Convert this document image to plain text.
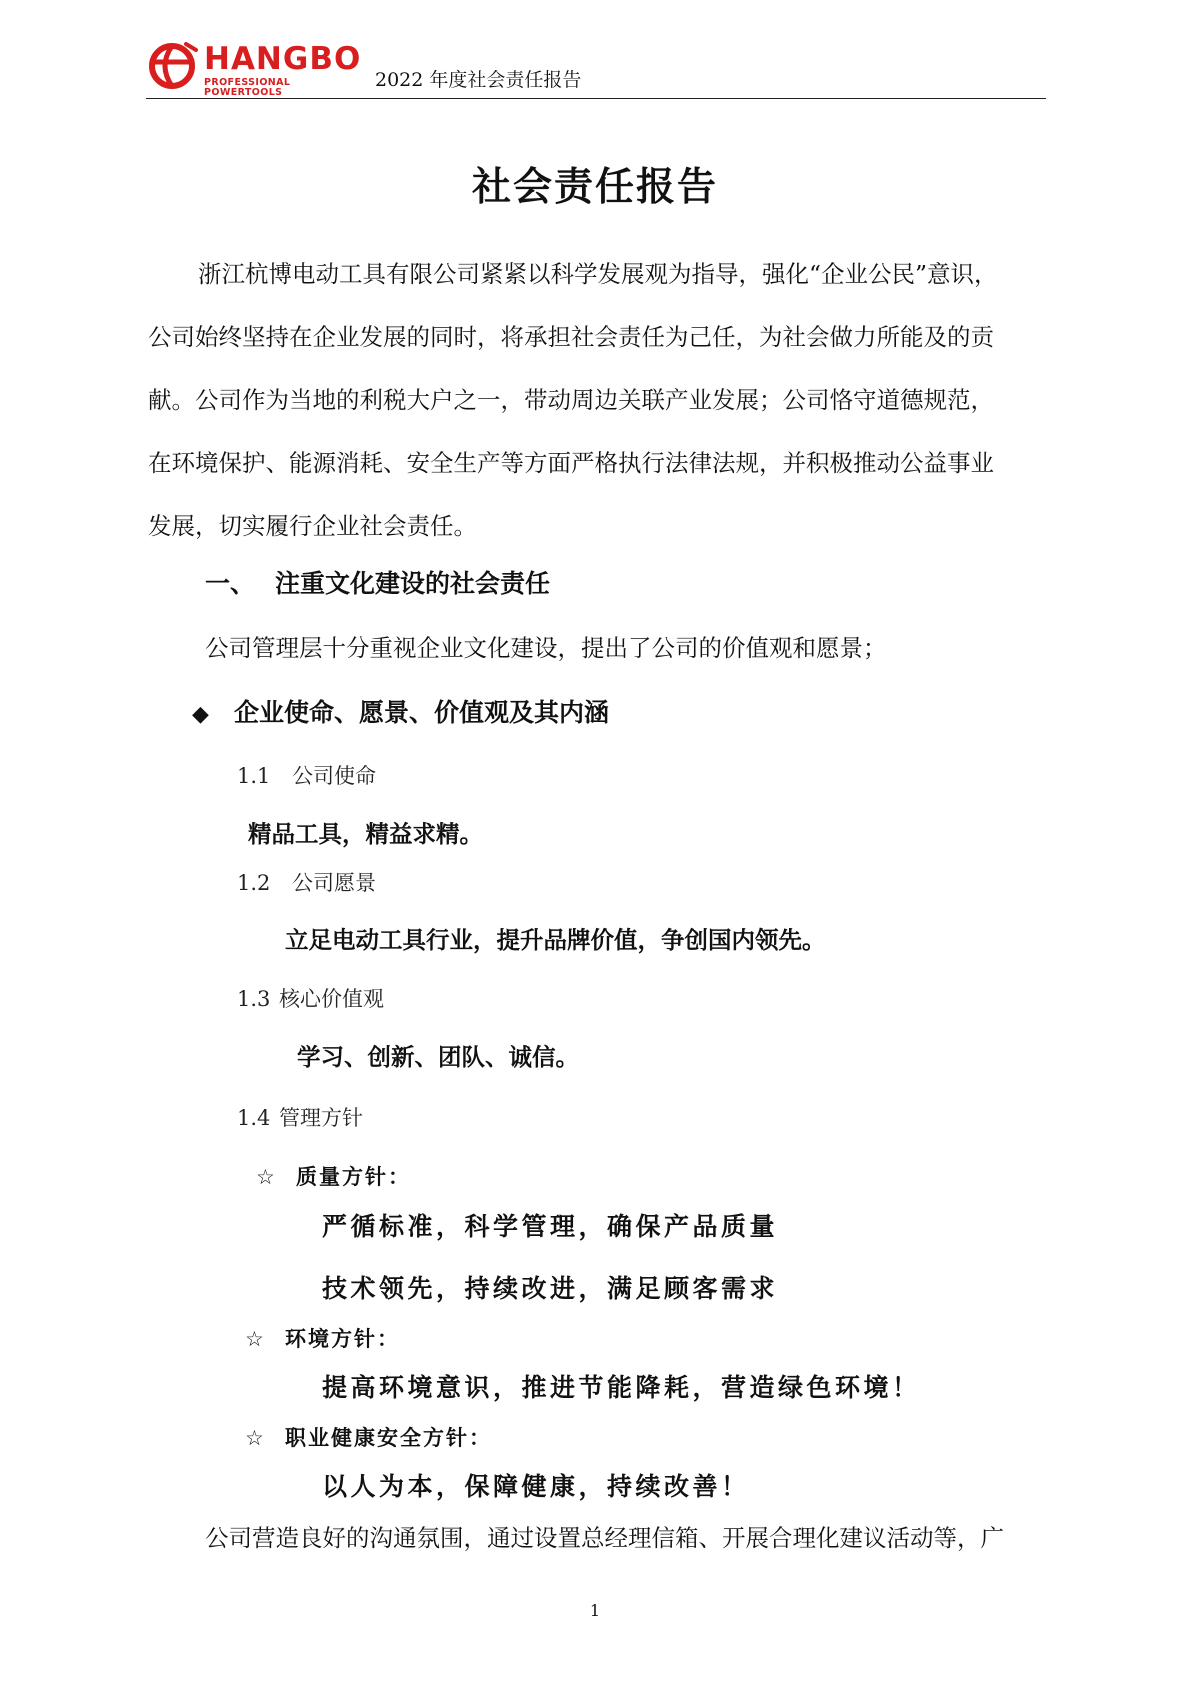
HANGBO
PROFESSIONAL POWERTOOLS
2022 年度社会责任报告
社会责任报告
浙江杭博电动工具有限公司紧紧以科学发展观为指导，强化“企业公民”意识，
公司始终坚持在企业发展的同时，将承担社会责任为己任，为社会做力所能及的贡
献。公司作为当地的利税大户之一，带动周边关联产业发展；公司恪守道德规范，
在环境保护、能源消耗、安全生产等方面严格执行法律法规，并积极推动公益事业
发展，切实履行企业社会责任。
一、 注重文化建设的社会责任
公司管理层十分重视企业文化建设，提出了公司的价值观和愿景；
◆ 企业使命、愿景、价值观及其内涵
1.1 公司使命
精品工具，精益求精。
1.2 公司愿景
立足电动工具行业，提升品牌价值，争创国内领先。
1.3 核心价值观
学习、创新、团队、诚信。
1.4 管理方针
☆ 质量方针：
严循标准，科学管理，确保产品质量
技术领先，持续改进，满足顾客需求
☆ 环境方针：
提高环境意识，推进节能降耗，营造绿色环境！
☆ 职业健康安全方针：
以人为本，保障健康，持续改善！
公司营造良好的沟通氛围，通过设置总经理信箱、开展合理化建议活动等，广
1
